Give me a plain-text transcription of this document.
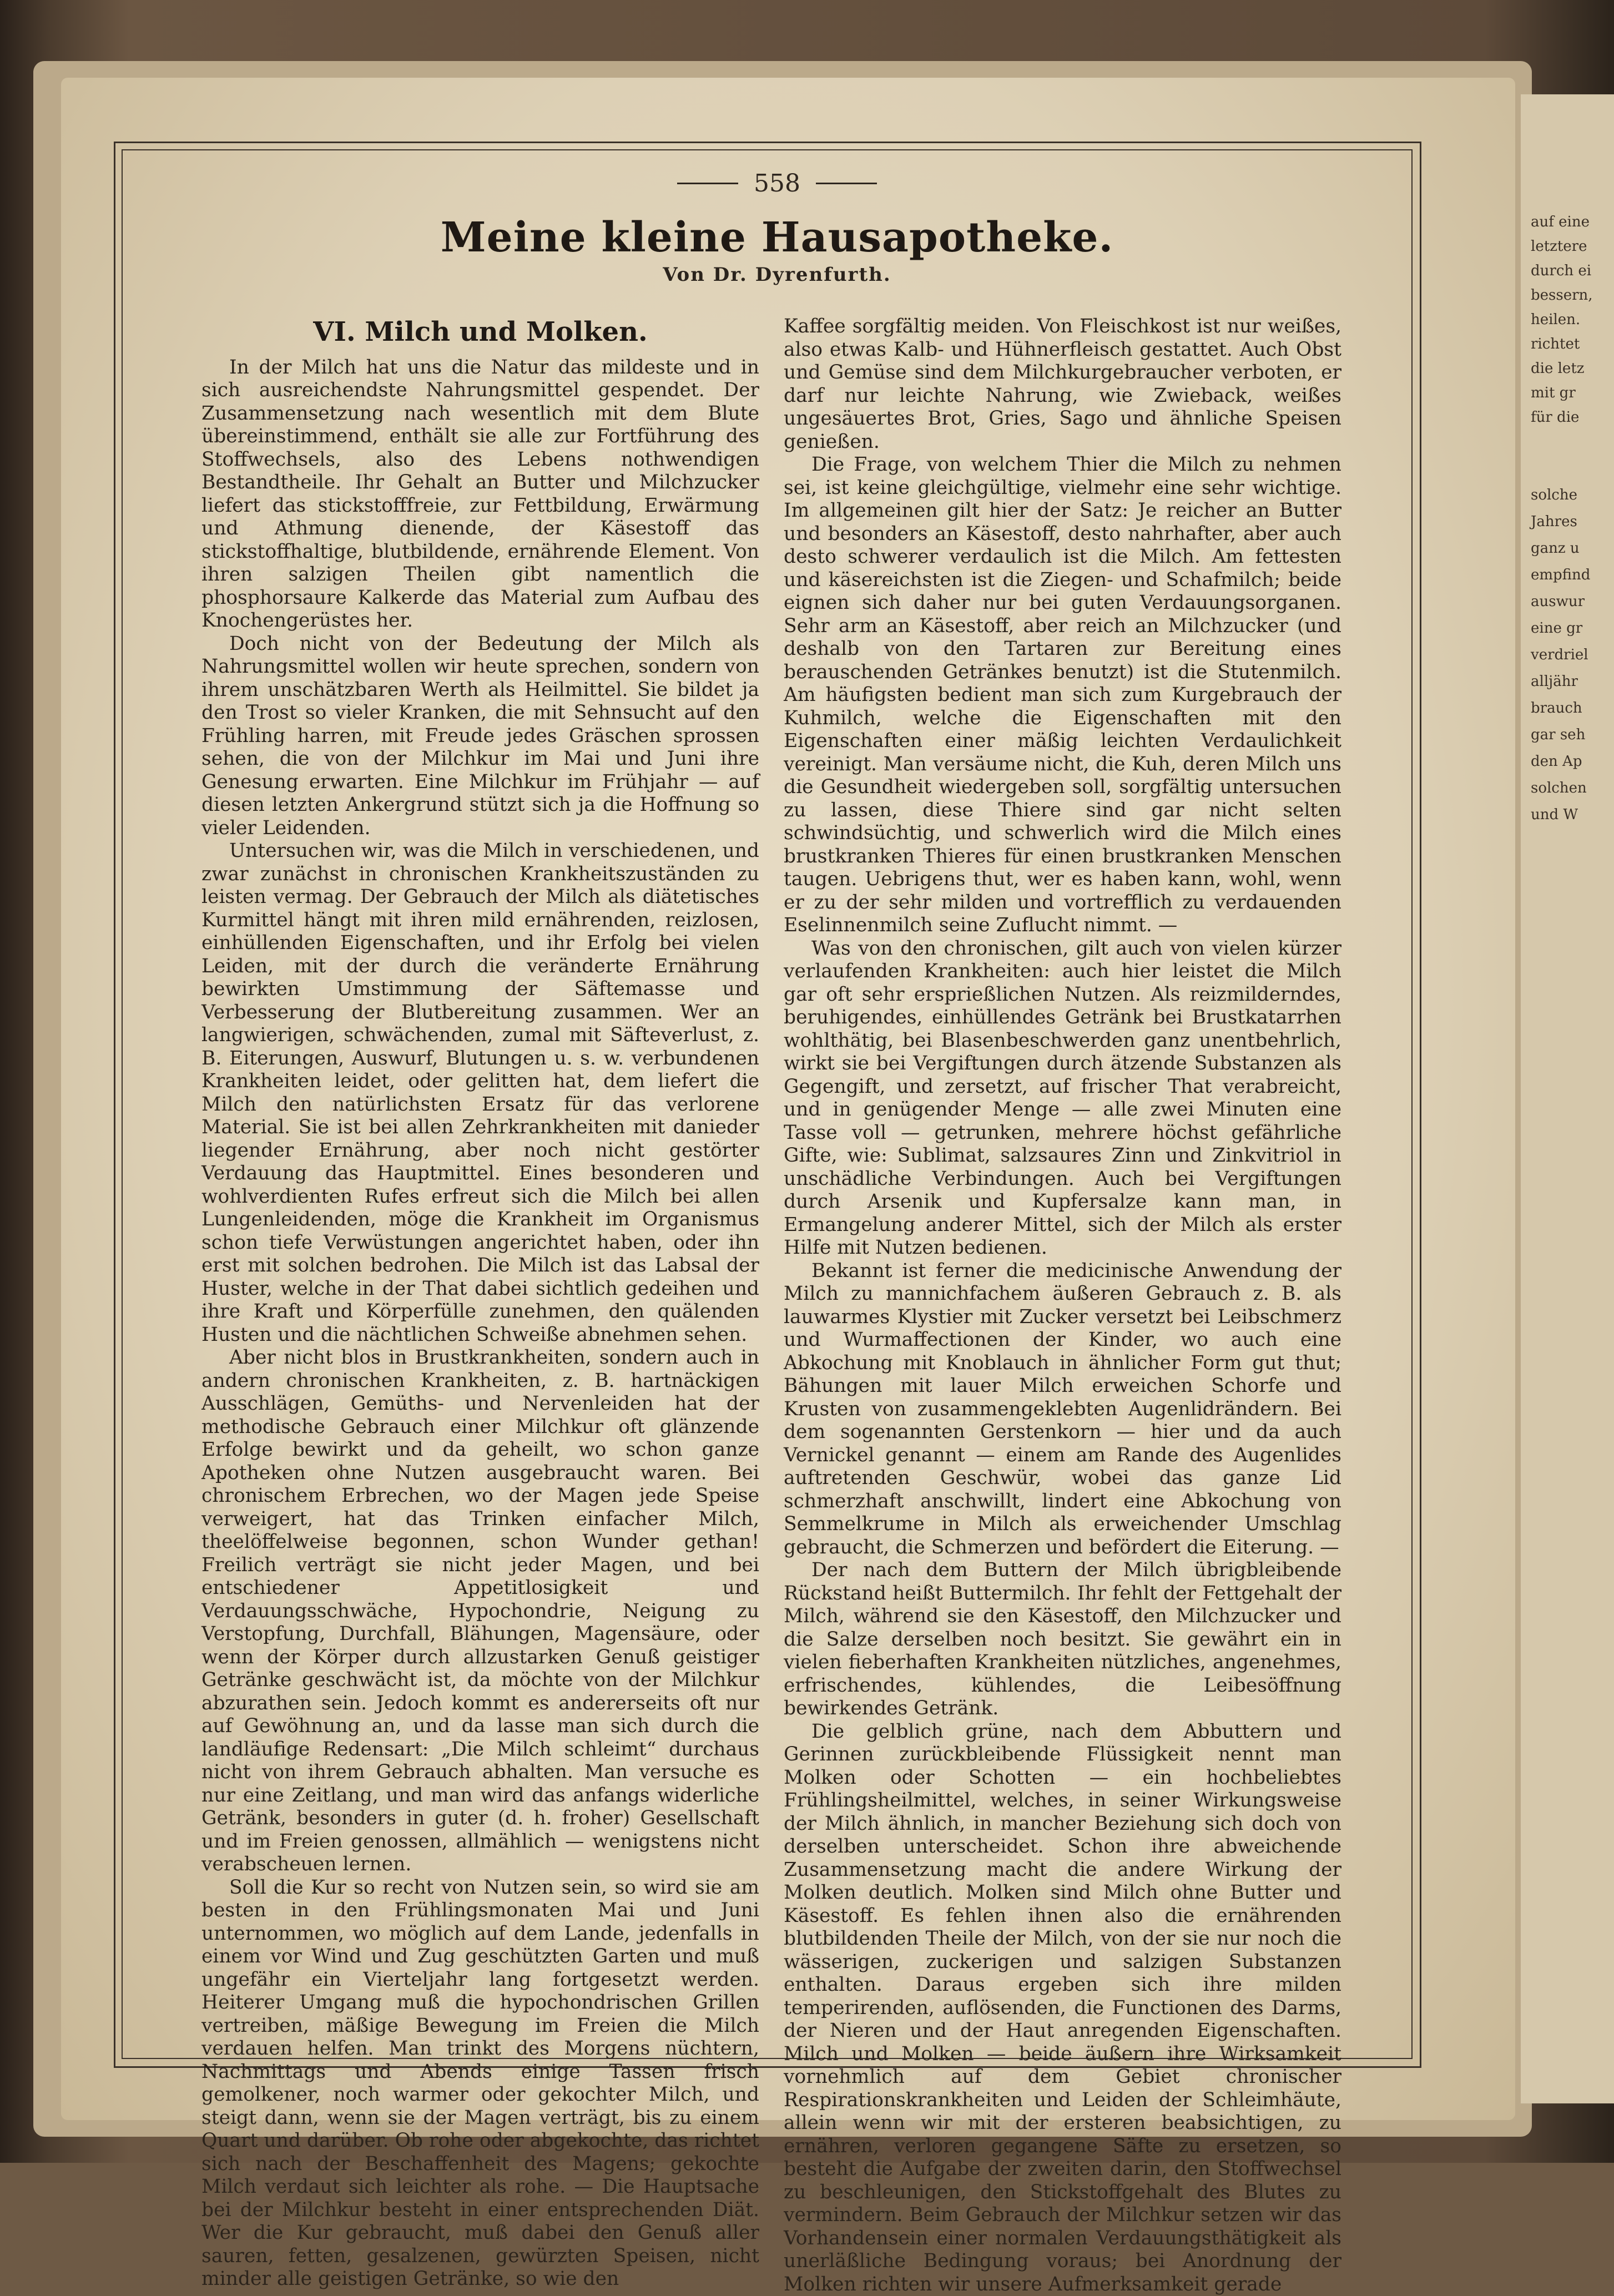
auf eine
letztere
durch ei
bessern,
heilen.
richtet
die letz
mit gr
für die
solche
Jahres
ganz u
empfind
auswur
eine gr
verdriel
alljähr
brauch
gar seh
den Ap
solchen
und W
558
Meine kleine Hausapotheke.
Von Dr. Dyrenfurth.
VI. Milch und Molken.

In der Milch hat uns die Natur das mildeste und in sich ausreichendste Nahrungsmittel gespendet. Der Zusammensetzung nach wesentlich mit dem Blute übereinstimmend, enthält sie alle zur Fortführung des Stoffwechsels, also des Lebens nothwendigen Bestandtheile. Ihr Gehalt an Butter und Milchzucker liefert das stickstofffreie, zur Fettbildung, Erwärmung und Athmung dienende, der Käsestoff das stickstoffhaltige, blutbildende, ernährende Element. Von ihren salzigen Theilen gibt namentlich die phosphorsaure Kalkerde das Material zum Aufbau des Knochengerüstes her.

Doch nicht von der Bedeutung der Milch als Nahrungsmittel wollen wir heute sprechen, sondern von ihrem unschätzbaren Werth als Heilmittel. Sie bildet ja den Trost so vieler Kranken, die mit Sehnsucht auf den Frühling harren, mit Freude jedes Gräschen sprossen sehen, die von der Milchkur im Mai und Juni ihre Genesung erwarten. Eine Milchkur im Frühjahr — auf diesen letzten Ankergrund stützt sich ja die Hoffnung so vieler Leidenden.

Untersuchen wir, was die Milch in verschiedenen, und zwar zunächst in chronischen Krankheitszuständen zu leisten vermag. Der Gebrauch der Milch als diätetisches Kurmittel hängt mit ihren mild ernährenden, reizlosen, einhüllenden Eigenschaften, und ihr Erfolg bei vielen Leiden, mit der durch die veränderte Ernährung bewirkten Umstimmung der Säftemasse und Verbesserung der Blutbereitung zusammen. Wer an langwierigen, schwächenden, zumal mit Säfteverlust, z. B. Eiterungen, Auswurf, Blutungen u. s. w. verbundenen Krankheiten leidet, oder gelitten hat, dem liefert die Milch den natürlichsten Ersatz für das verlorene Material. Sie ist bei allen Zehrkrankheiten mit danieder liegender Ernährung, aber noch nicht gestörter Verdauung das Hauptmittel. Eines besonderen und wohlverdienten Rufes erfreut sich die Milch bei allen Lungenleidenden, möge die Krankheit im Organismus schon tiefe Verwüstungen angerichtet haben, oder ihn erst mit solchen bedrohen. Die Milch ist das Labsal der Huster, welche in der That dabei sichtlich gedeihen und ihre Kraft und Körperfülle zunehmen, den quälenden Husten und die nächtlichen Schweiße abnehmen sehen.

Aber nicht blos in Brustkrankheiten, sondern auch in andern chronischen Krankheiten, z. B. hartnäckigen Ausschlägen, Gemüths- und Nervenleiden hat der methodische Gebrauch einer Milchkur oft glänzende Erfolge bewirkt und da geheilt, wo schon ganze Apotheken ohne Nutzen ausgebraucht waren. Bei chronischem Erbrechen, wo der Magen jede Speise verweigert, hat das Trinken einfacher Milch, theelöffelweise begonnen, schon Wunder gethan! Freilich verträgt sie nicht jeder Magen, und bei entschiedener Appetitlosigkeit und Verdauungsschwäche, Hypochondrie, Neigung zu Verstopfung, Durchfall, Blähungen, Magensäure, oder wenn der Körper durch allzustarken Genuß geistiger Getränke geschwächt ist, da möchte von der Milchkur abzurathen sein. Jedoch kommt es andererseits oft nur auf Gewöhnung an, und da lasse man sich durch die landläufige Redensart: „Die Milch schleimt“ durchaus nicht von ihrem Gebrauch abhalten. Man versuche es nur eine Zeitlang, und man wird das anfangs widerliche Getränk, besonders in guter (d. h. froher) Gesellschaft und im Freien genossen, allmählich — wenigstens nicht verabscheuen lernen.

Soll die Kur so recht von Nutzen sein, so wird sie am besten in den Frühlingsmonaten Mai und Juni unternommen, wo möglich auf dem Lande, jedenfalls in einem vor Wind und Zug geschützten Garten und muß ungefähr ein Vierteljahr lang fortgesetzt werden. Heiterer Umgang muß die hypochondrischen Grillen vertreiben, mäßige Bewegung im Freien die Milch verdauen helfen. Man trinkt des Morgens nüchtern, Nachmittags und Abends einige Tassen frisch gemolkener, noch warmer oder gekochter Milch, und steigt dann, wenn sie der Magen verträgt, bis zu einem Quart und darüber. Ob rohe oder abgekochte, das richtet sich nach der Beschaffenheit des Magens; gekochte Milch verdaut sich leichter als rohe. — Die Hauptsache bei der Milchkur besteht in einer entsprechenden Diät. Wer die Kur gebraucht, muß dabei den Genuß aller sauren, fetten, gesalzenen, gewürzten Speisen, nicht minder alle geistigen Getränke, so wie den

Kaffee sorgfältig meiden. Von Fleischkost ist nur weißes, also etwas Kalb- und Hühnerfleisch gestattet. Auch Obst und Gemüse sind dem Milchkurgebraucher verboten, er darf nur leichte Nahrung, wie Zwieback, weißes ungesäuertes Brot, Gries, Sago und ähnliche Speisen genießen.

Die Frage, von welchem Thier die Milch zu nehmen sei, ist keine gleichgültige, vielmehr eine sehr wichtige. Im allgemeinen gilt hier der Satz: Je reicher an Butter und besonders an Käsestoff, desto nahrhafter, aber auch desto schwerer verdaulich ist die Milch. Am fettesten und käsereichsten ist die Ziegen- und Schafmilch; beide eignen sich daher nur bei guten Verdauungsorganen. Sehr arm an Käsestoff, aber reich an Milchzucker (und deshalb von den Tartaren zur Bereitung eines berauschenden Getränkes benutzt) ist die Stutenmilch. Am häufigsten bedient man sich zum Kurgebrauch der Kuhmilch, welche die Eigenschaften mit den Eigenschaften einer mäßig leichten Verdaulichkeit vereinigt. Man versäume nicht, die Kuh, deren Milch uns die Gesundheit wiedergeben soll, sorgfältig untersuchen zu lassen, diese Thiere sind gar nicht selten schwindsüchtig, und schwerlich wird die Milch eines brustkranken Thieres für einen brustkranken Menschen taugen. Uebrigens thut, wer es haben kann, wohl, wenn er zu der sehr milden und vortrefflich zu verdauenden Eselinnenmilch seine Zuflucht nimmt. —

Was von den chronischen, gilt auch von vielen kürzer verlaufenden Krankheiten: auch hier leistet die Milch gar oft sehr ersprießlichen Nutzen. Als reizmilderndes, beruhigendes, einhüllendes Getränk bei Brustkatarrhen wohlthätig, bei Blasenbeschwerden ganz unentbehrlich, wirkt sie bei Vergiftungen durch ätzende Substanzen als Gegengift, und zersetzt, auf frischer That verabreicht, und in genügender Menge — alle zwei Minuten eine Tasse voll — getrunken, mehrere höchst gefährliche Gifte, wie: Sublimat, salzsaures Zinn und Zinkvitriol in unschädliche Verbindungen. Auch bei Vergiftungen durch Arsenik und Kupfersalze kann man, in Ermangelung anderer Mittel, sich der Milch als erster Hilfe mit Nutzen bedienen.

Bekannt ist ferner die medicinische Anwendung der Milch zu mannichfachem äußeren Gebrauch z. B. als lauwarmes Klystier mit Zucker versetzt bei Leibschmerz und Wurmaffectionen der Kinder, wo auch eine Abkochung mit Knoblauch in ähnlicher Form gut thut; Bähungen mit lauer Milch erweichen Schorfe und Krusten von zusammengeklebten Augenlidrändern. Bei dem sogenannten Gerstenkorn — hier und da auch Vernickel genannt — einem am Rande des Augenlides auftretenden Geschwür, wobei das ganze Lid schmerzhaft anschwillt, lindert eine Abkochung von Semmelkrume in Milch als erweichender Umschlag gebraucht, die Schmerzen und befördert die Eiterung. —

Der nach dem Buttern der Milch übrigbleibende Rückstand heißt Buttermilch. Ihr fehlt der Fettgehalt der Milch, während sie den Käsestoff, den Milchzucker und die Salze derselben noch besitzt. Sie gewährt ein in vielen fieberhaften Krankheiten nützliches, angenehmes, erfrischendes, kühlendes, die Leibesöffnung bewirkendes Getränk.

Die gelblich grüne, nach dem Abbuttern und Gerinnen zurückbleibende Flüssigkeit nennt man Molken oder Schotten — ein hochbeliebtes Frühlingsheilmittel, welches, in seiner Wirkungsweise der Milch ähnlich, in mancher Beziehung sich doch von derselben unterscheidet. Schon ihre abweichende Zusammensetzung macht die andere Wirkung der Molken deutlich. Molken sind Milch ohne Butter und Käsestoff. Es fehlen ihnen also die ernährenden blutbildenden Theile der Milch, von der sie nur noch die wässerigen, zuckerigen und salzigen Substanzen enthalten. Daraus ergeben sich ihre milden temperirenden, auflösenden, die Functionen des Darms, der Nieren und der Haut anregenden Eigenschaften. Milch und Molken — beide äußern ihre Wirksamkeit vornehmlich auf dem Gebiet chronischer Respirationskrankheiten und Leiden der Schleimhäute, allein wenn wir mit der ersteren beabsichtigen, zu ernähren, verloren gegangene Säfte zu ersetzen, so besteht die Aufgabe der zweiten darin, den Stoffwechsel zu beschleunigen, den Stickstoffgehalt des Blutes zu vermindern. Beim Gebrauch der Milchkur setzen wir das Vorhandensein einer normalen Verdauungsthätigkeit als unerläßliche Bedingung voraus; bei Anordnung der Molken richten wir unsere Aufmerksamkeit gerade
